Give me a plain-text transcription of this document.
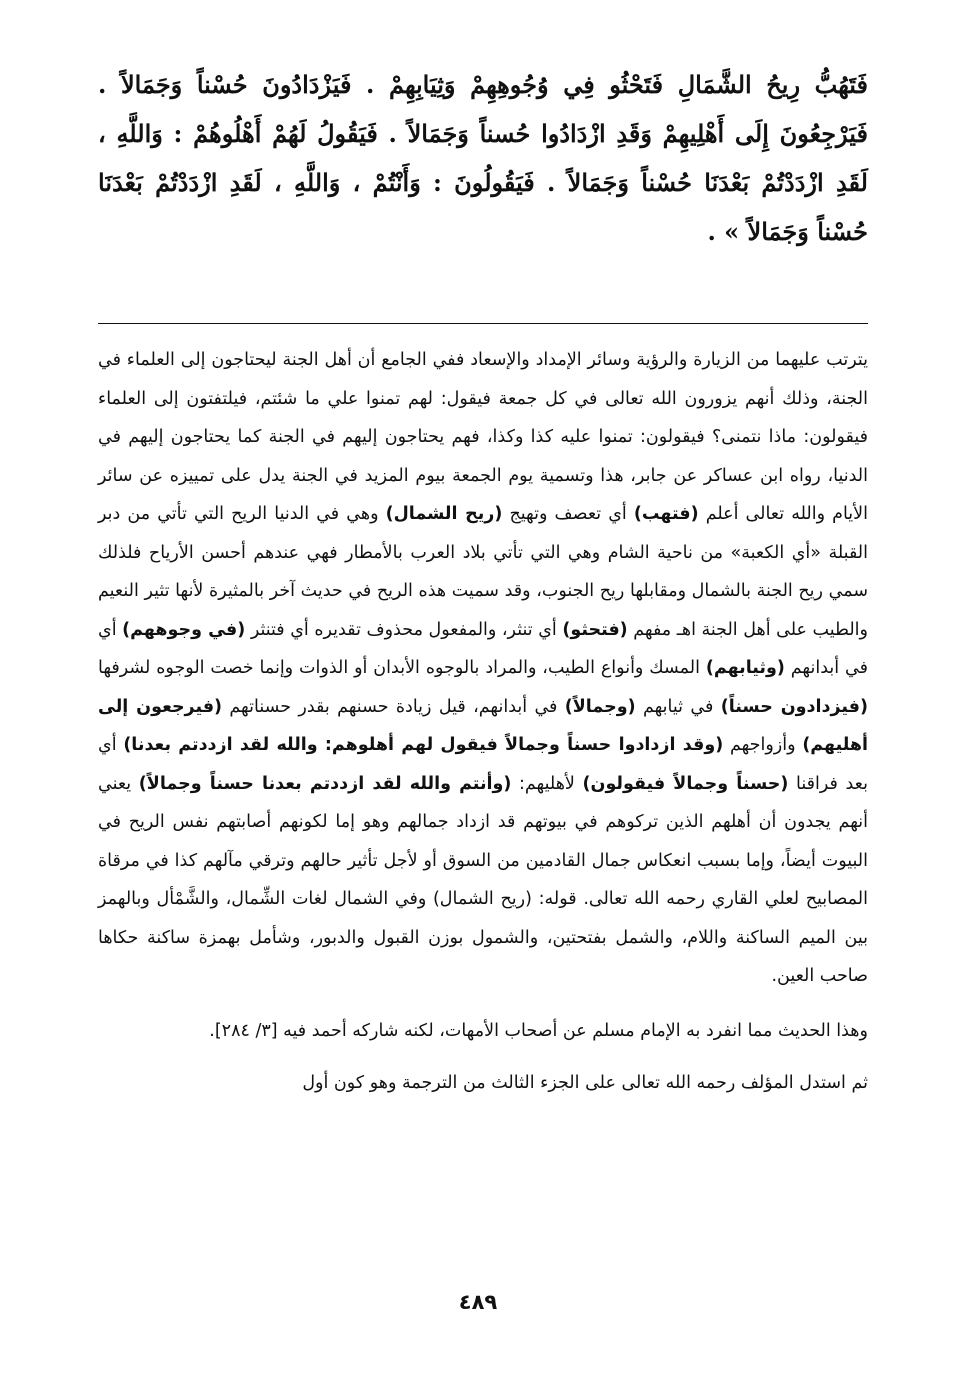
فَتَهُبُّ رِيحُ الشَّمَالِ فَتَحْثُو فِي وُجُوهِهِمْ وَثِيَابِهِمْ . فَيَزْدَادُونَ حُسْناً وَجَمَالاً . فَيَرْجِعُونَ إِلَى أَهْلِيهِمْ وَقَدِ ازْدَادُوا حُسناً وَجَمَالاً . فَيَقُولُ لَهُمْ أَهْلُوهُمْ : وَاللَّهِ ، لَقَدِ ازْدَدْتُمْ بَعْدَنَا حُسْناً وَجَمَالاً . فَيَقُولُونَ : وَأَنْتُمْ ، وَاللَّهِ ، لَقَدِ ازْدَدْتُمْ بَعْدَنَا حُسْناً وَجَمَالاً » .

يترتب عليهما من الزيارة والرؤية وسائر الإمداد والإسعاد ففي الجامع أن أهل الجنة ليحتاجون إلى العلماء في الجنة، وذلك أنهم يزورون الله تعالى في كل جمعة فيقول: لهم تمنوا علي ما شئتم، فيلتفتون إلى العلماء فيقولون: ماذا نتمنى؟ فيقولون: تمنوا عليه كذا وكذا، فهم يحتاجون إليهم في الجنة كما يحتاجون إليهم في الدنيا، رواه ابن عساكر عن جابر، هذا وتسمية يوم الجمعة بيوم المزيد في الجنة يدل على تمييزه عن سائر الأيام والله تعالى أعلم (فتهب) أي تعصف وتهيج (ريح الشمال) وهي في الدنيا الريح التي تأتي من دبر القبلة «أي الكعبة» من ناحية الشام وهي التي تأتي بلاد العرب بالأمطار فهي عندهم أحسن الأرياح فلذلك سمي ريح الجنة بالشمال ومقابلها ريح الجنوب، وقد سميت هذه الريح في حديث آخر بالمثيرة لأنها تثير النعيم والطيب على أهل الجنة اهـ مفهم (فتحثو) أي تنثر، والمفعول محذوف تقديره أي فتنثر (في وجوههم) أي في أبدانهم (وثيابهم) المسك وأنواع الطيب، والمراد بالوجوه الأبدان أو الذوات وإنما خصت الوجوه لشرفها (فيزدادون حسناً) في ثيابهم (وجمالاً) في أبدانهم، قيل زيادة حسنهم بقدر حسناتهم (فيرجعون إلى أهليهم) وأزواجهم (وقد ازدادوا حسناً وجمالاً فيقول لهم أهلوهم: والله لقد ازددتم بعدنا) أي بعد فراقنا (حسناً وجمالاً فيقولون) لأهليهم: (وأنتم والله لقد ازددتم بعدنا حسناً وجمالاً) يعني أنهم يجدون أن أهلهم الذين تركوهم في بيوتهم قد ازداد جمالهم وهو إما لكونهم أصابتهم نفس الريح في البيوت أيضاً، وإما بسبب انعكاس جمال القادمين من السوق أو لأجل تأثير حالهم وترقي مآلهم كذا في مرقاة المصابيح لعلي القاري رحمه الله تعالى. قوله: (ريح الشمال) وفي الشمال لغات الشِّمال، والشَّمْأل وبالهمز بين الميم الساكنة واللام، والشمل بفتحتين، والشمول بوزن القبول والدبور، وشأمل بهمزة ساكنة حكاها صاحب العين.

وهذا الحديث مما انفرد به الإمام مسلم عن أصحاب الأمهات، لكنه شاركه أحمد فيه [٣/ ٢٨٤].

ثم استدل المؤلف رحمه الله تعالى على الجزء الثالث من الترجمة وهو كون أول

٤٨٩
